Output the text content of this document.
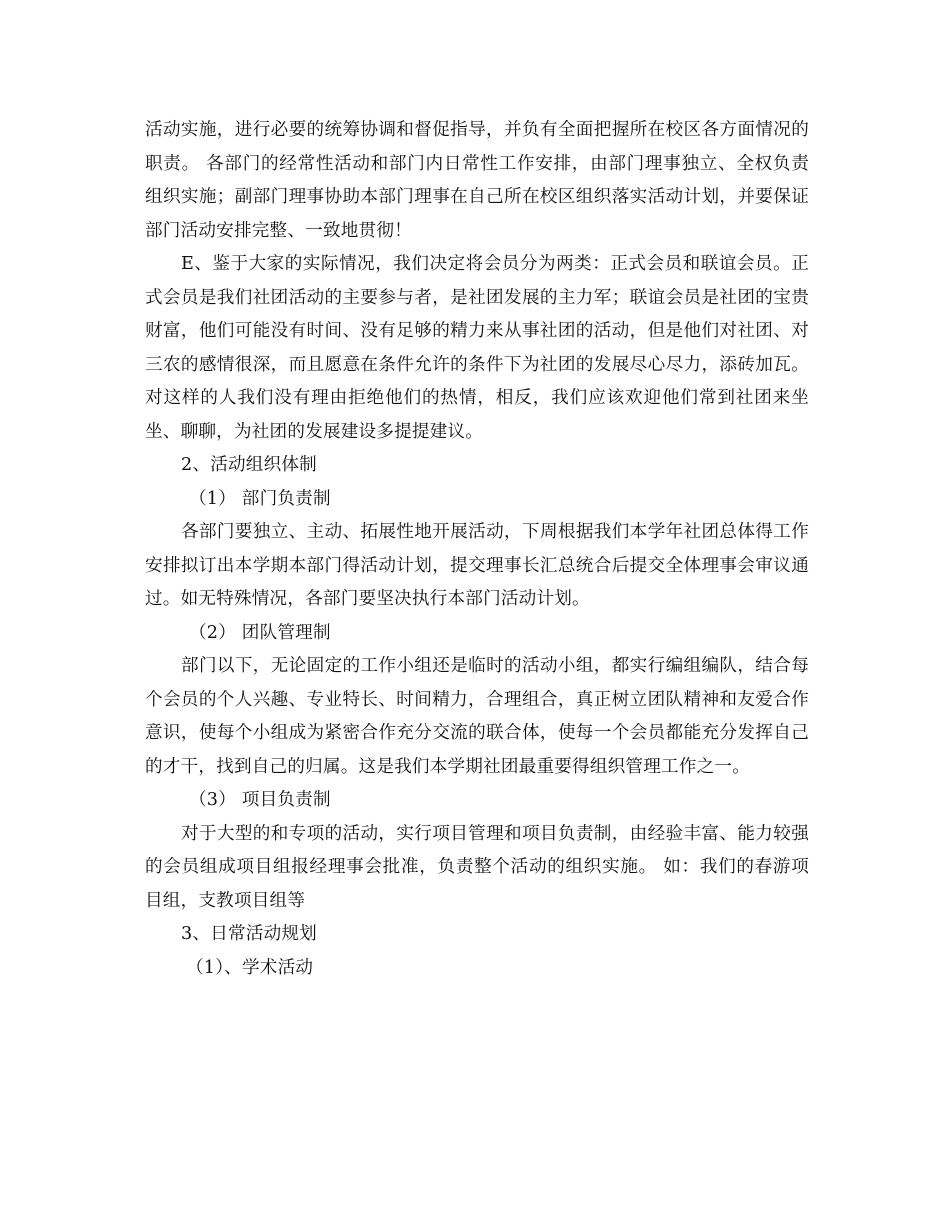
活动实施，进行必要的统筹协调和督促指导，并负有全面把握所在校区各方面情况的职责。 各部门的经常性活动和部门内日常性工作安排，由部门理事独立、全权负责组织实施；副部门理事协助本部门理事在自己所在校区组织落实活动计划，并要保证部门活动安排完整、一致地贯彻！

E、鉴于大家的实际情况，我们决定将会员分为两类：正式会员和联谊会员。正式会员是我们社团活动的主要参与者，是社团发展的主力军；联谊会员是社团的宝贵财富，他们可能没有时间、没有足够的精力来从事社团的活动，但是他们对社团、对三农的感情很深，而且愿意在条件允许的条件下为社团的发展尽心尽力，添砖加瓦。对这样的人我们没有理由拒绝他们的热情，相反，我们应该欢迎他们常到社团来坐坐、聊聊，为社团的发展建设多提提建议。

2、活动组织体制

（1） 部门负责制

各部门要独立、主动、拓展性地开展活动，下周根据我们本学年社团总体得工作安排拟订出本学期本部门得活动计划，提交理事长汇总统合后提交全体理事会审议通过。如无特殊情况，各部门要坚决执行本部门活动计划。

（2） 团队管理制

部门以下，无论固定的工作小组还是临时的活动小组，都实行编组编队，结合每个会员的个人兴趣、专业特长、时间精力，合理组合，真正树立团队精神和友爱合作意识，使每个小组成为紧密合作充分交流的联合体，使每一个会员都能充分发挥自己的才干，找到自己的归属。这是我们本学期社团最重要得组织管理工作之一。

（3） 项目负责制

对于大型的和专项的活动，实行项目管理和项目负责制，由经验丰富、能力较强的会员组成项目组报经理事会批准，负责整个活动的组织实施。 如：我们的春游项目组，支教项目组等

3、日常活动规划

（1）、学术活动
